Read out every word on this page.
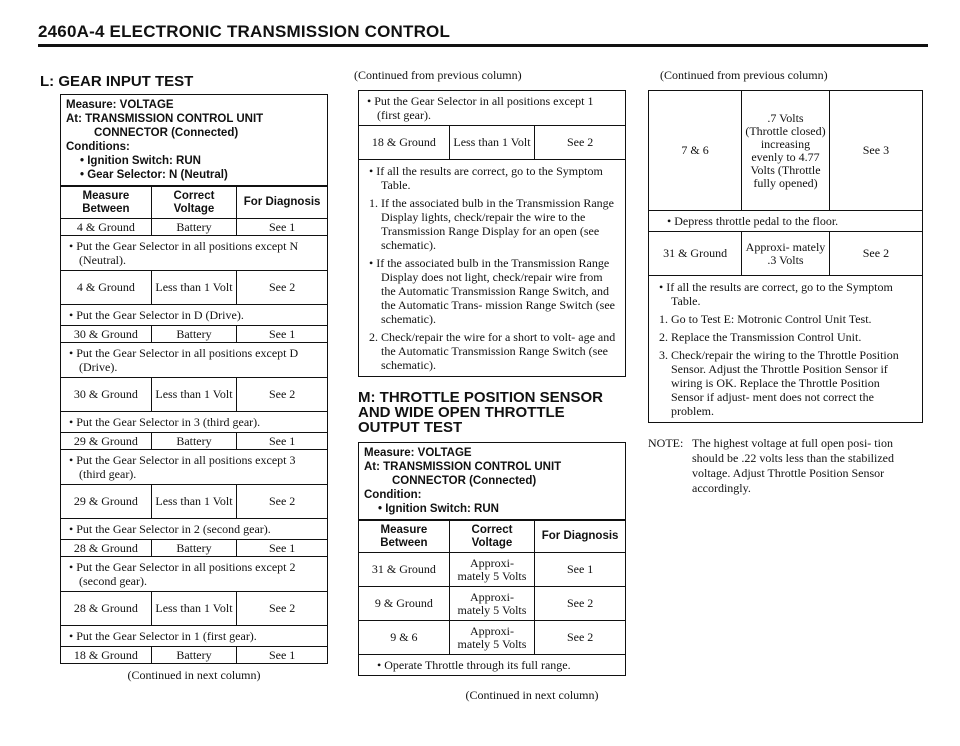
2460A-4 ELECTRONIC TRANSMISSION CONTROL
L: GEAR INPUT TEST
Measure: VOLTAGE
At: TRANSMISSION CONTROL UNIT
CONNECTOR (Connected)
Conditions:
• Ignition Switch: RUN
• Gear Selector: N (Neutral)
Measure Between	Correct Voltage	For Diagnosis
4 & Ground	Battery	See 1
• Put the Gear Selector in all positions except N (Neutral).		
4 & Ground	Less than 1 Volt	See 2
• Put the Gear Selector in D (Drive).		
30 & Ground	Battery	See 1
• Put the Gear Selector in all positions except D (Drive).		
30 & Ground	Less than 1 Volt	See 2
• Put the Gear Selector in 3 (third gear).		
29 & Ground	Battery	See 1
• Put the Gear Selector in all positions except 3 (third gear).		
29 & Ground	Less than 1 Volt	See 2
• Put the Gear Selector in 2 (second gear).		
28 & Ground	Battery	See 1
• Put the Gear Selector in all positions except 2 (second gear).		
28 & Ground	Less than 1 Volt	See 2
• Put the Gear Selector in 1 (first gear).		
18 & Ground	Battery	See 1
(Continued in next column)
(Continued from previous column)
• Put the Gear Selector in all positions except 1 (first gear).
18 & Ground	Less than 1 Volt	See 2

• If all the results are correct, go to the Symptom Table.

1. If the associated bulb in the Transmission Range Display lights, check/repair the wire to the Transmission Range Display for an open (see schematic).

• If the associated bulb in the Transmission Range Display does not light, check/repair wire from the Automatic Transmission Range Switch, and the Automatic Trans- mission Range Switch (see schematic).

2. Check/repair the wire for a short to volt- age and the Automatic Transmission Range Switch (see schematic).

M: THROTTLE POSITION SENSOR AND WIDE OPEN THROTTLE OUTPUT TEST
Measure: VOLTAGE
At: TRANSMISSION CONTROL UNIT
CONNECTOR (Connected)
Condition:
• Ignition Switch: RUN
Measure Between	Correct Voltage	For Diagnosis
31 & Ground	Approxi- mately 5 Volts	See 1
9 & Ground	Approxi- mately 5 Volts	See 2
9 & 6	Approxi- mately 5 Volts	See 2
• Operate Throttle through its full range.		
(Continued in next column)
(Continued from previous column)
7 & 6	.7 Volts (Throttle closed) increasing evenly to 4.77 Volts (Throttle fully opened)	See 3
• Depress throttle pedal to the floor.		
31 & Ground	Approxi- mately .3 Volts	See 2

• If all the results are correct, go to the Symptom Table.

1. Go to Test E: Motronic Control Unit Test.

2. Replace the Transmission Control Unit.

3. Check/repair the wiring to the Throttle Position Sensor. Adjust the Throttle Position Sensor if wiring is OK. Replace the Throttle Position Sensor if adjust- ment does not correct the problem.

NOTE: The highest voltage at full open posi- tion should be .22 volts less than the stabilized voltage. Adjust Throttle Position Sensor accordingly.
